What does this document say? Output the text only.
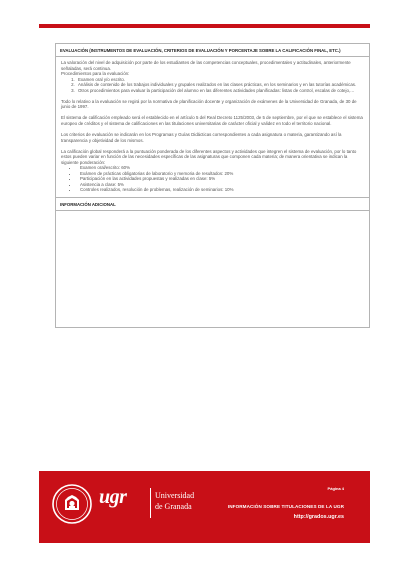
EVALUACIÓN (INSTRUMENTOS DE EVALUACIÓN, CRITERIOS DE EVALUACIÓN Y PORCENTAJE SOBRE LA CALIFICACIÓN FINAL, ETC.)

La valoración del nivel de adquisición por parte de los estudiantes de las competencias conceptuales, procedimentales y actitudinales, anteriormente señaladas, será continua.
Procedimientos para la evaluación:

1. Examen oral y/o escrito.
2. Análisis de contenido de los trabajos individuales y grupales realizados en las clases prácticas, en los seminarios y en las tutorías académicas.
3. Otros procedimientos para evaluar la participación del alumno en las diferentes actividades planificadas: listas de control, escalas de cotejo,…

Todo lo relativo a la evaluación se regirá por la normativa de planificación docente y organización de exámenes de la Universidad de Granada, de 30 de junio de 1997.

El sistema de calificación empleado será el establecido en el artículo 5 del Real Decreto 1125/2003, de 5 de septiembre, por el que se establece el sistema europeo de créditos y el sistema de calificaciones en las titulaciones universitarias de carácter oficial y validez en todo el territorio nacional.

Los criterios de evaluación se indicarán en los Programas y Guías Didácticas correspondientes a cada asignatura o materia, garantizando así la transparencia y objetividad de los mismos.

La calificación global responderá a la puntuación ponderada de los diferentes aspectos y actividades que integren el sistema de evaluación, por lo tanto estos pueden variar en función de las necesidades específicas de las asignaturas que componen cada materia; de manera orientativa se indican la siguiente ponderación:

• Examen oral/escrito: 60%
• Exámen de prácticas obligatorias de laboratorio y memoria de resultados: 20%
• Participación en las actividades propuestas y realizadas en clase: 5%
• Asistencia a clase: 5%
• Controles realizados, resolución de problemas, realización de seminarios: 10%
INFORMACIÓN ADICIONAL
ugr	Universidad
de Granada
Página 4
INFORMACIÓN SOBRE TITULACIONES DE LA UGR
http://grados.ugr.es
